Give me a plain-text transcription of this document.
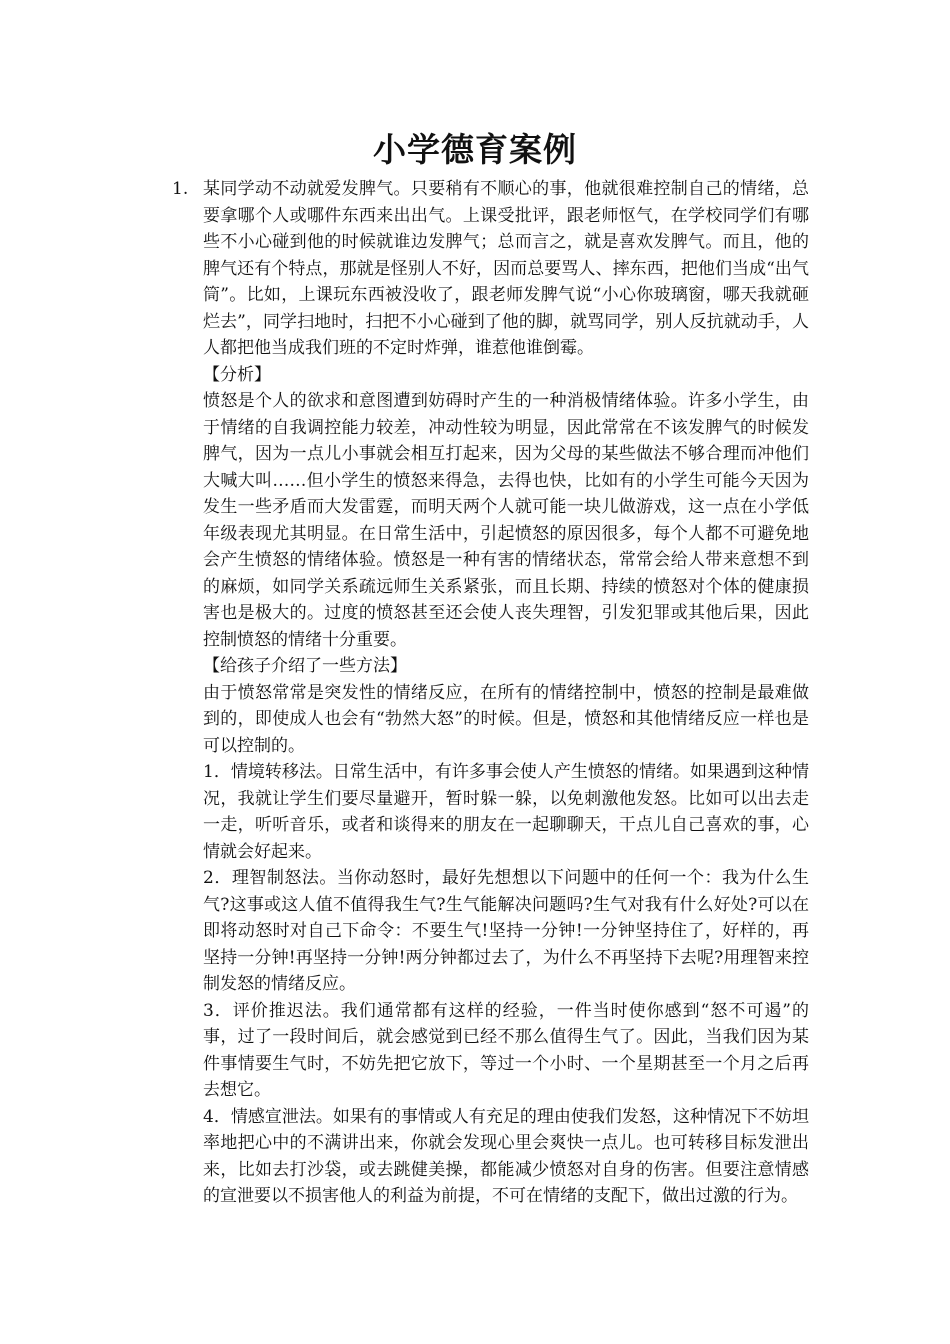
小学德育案例
1. 某同学动不动就爱发脾气。只要稍有不顺心的事，他就很难控制自己的情绪，总要拿哪个人或哪件东西来出出气。上课受批评，跟老师怄气，在学校同学们有哪些不小心碰到他的时候就谁边发脾气；总而言之，就是喜欢发脾气。而且，他的脾气还有个特点，那就是怪别人不好，因而总要骂人、摔东西，把他们当成“出气筒”。比如，上课玩东西被没收了，跟老师发脾气说“小心你玻璃窗，哪天我就砸烂去”，同学扫地时，扫把不小心碰到了他的脚，就骂同学，别人反抗就动手，人人都把他当成我们班的不定时炸弹，谁惹他谁倒霉。

【分析】

愤怒是个人的欲求和意图遭到妨碍时产生的一种消极情绪体验。许多小学生，由于情绪的自我调控能力较差，冲动性较为明显，因此常常在不该发脾气的时候发脾气，因为一点儿小事就会相互打起来，因为父母的某些做法不够合理而冲他们大喊大叫……但小学生的愤怒来得急，去得也快，比如有的小学生可能今天因为发生一些矛盾而大发雷霆，而明天两个人就可能一块儿做游戏，这一点在小学低年级表现尤其明显。在日常生活中，引起愤怒的原因很多，每个人都不可避免地会产生愤怒的情绪体验。愤怒是一种有害的情绪状态，常常会给人带来意想不到的麻烦，如同学关系疏远师生关系紧张，而且长期、持续的愤怒对个体的健康损害也是极大的。过度的愤怒甚至还会使人丧失理智，引发犯罪或其他后果，因此控制愤怒的情绪十分重要。

【给孩子介绍了一些方法】

由于愤怒常常是突发性的情绪反应，在所有的情绪控制中，愤怒的控制是最难做到的，即使成人也会有“勃然大怒”的时候。但是，愤怒和其他情绪反应一样也是可以控制的。

1．情境转移法。日常生活中，有许多事会使人产生愤怒的情绪。如果遇到这种情况，我就让学生们要尽量避开，暂时躲一躲，以免刺激他发怒。比如可以出去走一走，听听音乐，或者和谈得来的朋友在一起聊聊天，干点儿自己喜欢的事，心情就会好起来。

2．理智制怒法。当你动怒时，最好先想想以下问题中的任何一个：我为什么生气?这事或这人值不值得我生气?生气能解决问题吗?生气对我有什么好处?可以在即将动怒时对自己下命令：不要生气!坚持一分钟!一分钟坚持住了，好样的，再坚持一分钟!再坚持一分钟!两分钟都过去了，为什么不再坚持下去呢?用理智来控制发怒的情绪反应。

3．评价推迟法。我们通常都有这样的经验，一件当时使你感到“怒不可遏”的事，过了一段时间后，就会感觉到已经不那么值得生气了。因此，当我们因为某件事情要生气时，不妨先把它放下，等过一个小时、一个星期甚至一个月之后再去想它。

4．情感宣泄法。如果有的事情或人有充足的理由使我们发怒，这种情况下不妨坦率地把心中的不满讲出来，你就会发现心里会爽快一点儿。也可转移目标发泄出来，比如去打沙袋，或去跳健美操，都能减少愤怒对自身的伤害。但要注意情感的宣泄要以不损害他人的利益为前提，不可在情绪的支配下，做出过激的行为。
